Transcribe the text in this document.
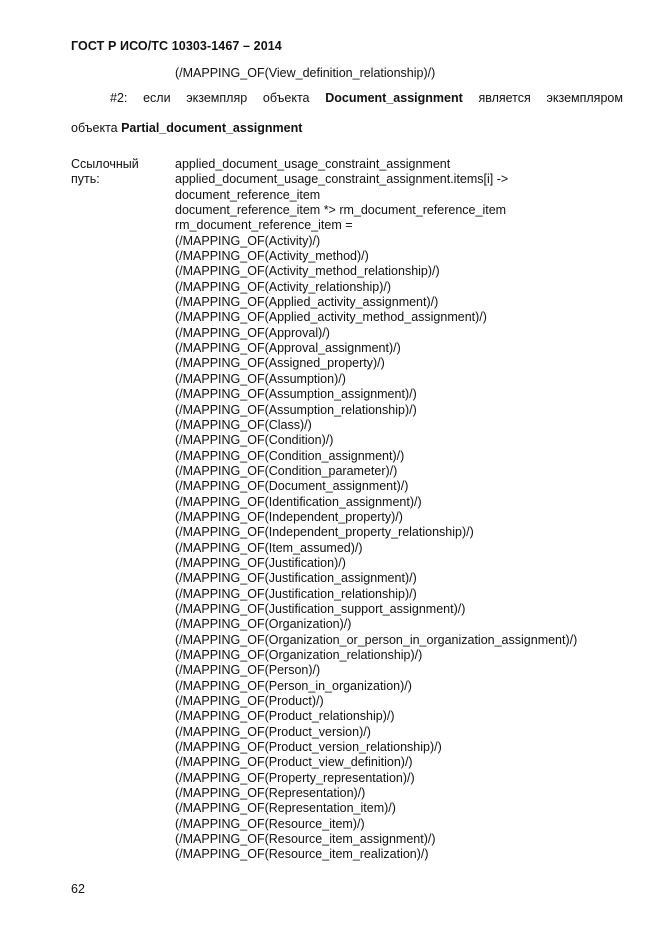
ГОСТ Р ИСО/ТС 10303-1467 – 2014
(/MAPPING_OF(View_definition_relationship)/)
#2: если экземпляр объекта Document_assignment является экземпляром
объекта Partial_document_assignment
Ссылочный
путь:
applied_document_usage_constraint_assignment
applied_document_usage_constraint_assignment.items[i] ->
document_reference_item
document_reference_item *> rm_document_reference_item
rm_document_reference_item =
(/MAPPING_OF(Activity)/)
(/MAPPING_OF(Activity_method)/)
(/MAPPING_OF(Activity_method_relationship)/)
(/MAPPING_OF(Activity_relationship)/)
(/MAPPING_OF(Applied_activity_assignment)/)
(/MAPPING_OF(Applied_activity_method_assignment)/)
(/MAPPING_OF(Approval)/)
(/MAPPING_OF(Approval_assignment)/)
(/MAPPING_OF(Assigned_property)/)
(/MAPPING_OF(Assumption)/)
(/MAPPING_OF(Assumption_assignment)/)
(/MAPPING_OF(Assumption_relationship)/)
(/MAPPING_OF(Class)/)
(/MAPPING_OF(Condition)/)
(/MAPPING_OF(Condition_assignment)/)
(/MAPPING_OF(Condition_parameter)/)
(/MAPPING_OF(Document_assignment)/)
(/MAPPING_OF(Identification_assignment)/)
(/MAPPING_OF(Independent_property)/)
(/MAPPING_OF(Independent_property_relationship)/)
(/MAPPING_OF(Item_assumed)/)
(/MAPPING_OF(Justification)/)
(/MAPPING_OF(Justification_assignment)/)
(/MAPPING_OF(Justification_relationship)/)
(/MAPPING_OF(Justification_support_assignment)/)
(/MAPPING_OF(Organization)/)
(/MAPPING_OF(Organization_or_person_in_organization_assignment)/)
(/MAPPING_OF(Organization_relationship)/)
(/MAPPING_OF(Person)/)
(/MAPPING_OF(Person_in_organization)/)
(/MAPPING_OF(Product)/)
(/MAPPING_OF(Product_relationship)/)
(/MAPPING_OF(Product_version)/)
(/MAPPING_OF(Product_version_relationship)/)
(/MAPPING_OF(Product_view_definition)/)
(/MAPPING_OF(Property_representation)/)
(/MAPPING_OF(Representation)/)
(/MAPPING_OF(Representation_item)/)
(/MAPPING_OF(Resource_item)/)
(/MAPPING_OF(Resource_item_assignment)/)
(/MAPPING_OF(Resource_item_realization)/)
62
